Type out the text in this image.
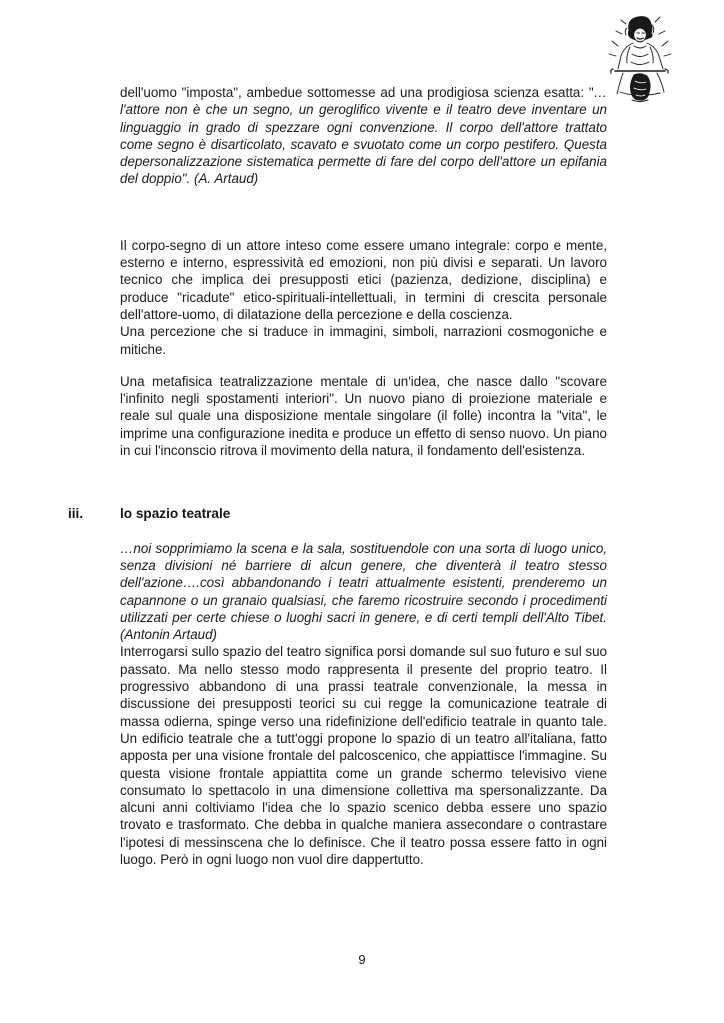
dell'uomo "imposta", ambedue sottomesse ad una prodigiosa scienza esatta: "…l'attore non è che un segno, un geroglifico vivente e il teatro deve inventare un linguaggio in grado di spezzare ogni convenzione. Il corpo dell'attore trattato come segno è disarticolato, scavato e svuotato come un corpo pestifero. Questa depersonalizzazione sistematica permette di fare del corpo dell'attore un epifania del doppio". (A. Artaud)

Il corpo-segno di un attore inteso come essere umano integrale: corpo e mente, esterno e interno, espressività ed emozioni, non più divisi e separati. Un lavoro tecnico che implica dei presupposti etici (pazienza, dedizione, disciplina) e produce "ricadute" etico-spirituali-intellettuali, in termini di crescita personale dell'attore-uomo, di dilatazione della percezione e della coscienza.

Una percezione che si traduce in immagini, simboli, narrazioni cosmogoniche e mitiche.

Una metafisica teatralizzazione mentale di un'idea, che nasce dallo "scovare l'infinito negli spostamenti interiori". Un nuovo piano di proiezione materiale e reale sul quale una disposizione mentale singolare (il folle) incontra la "vita", le imprime una configurazione inedita e produce un effetto di senso nuovo. Un piano in cui l'inconscio ritrova il movimento della natura, il fondamento dell'esistenza.

iii.	lo spazio teatrale

…noi sopprimiamo la scena e la sala, sostituendole con una sorta di luogo unico, senza divisioni né barriere di alcun genere, che diventerà il teatro stesso dell'azione….così abbandonando i teatri attualmente esistenti, prenderemo un capannone o un granaio qualsiasi, che faremo ricostruire secondo i procedimenti utilizzati per certe chiese o luoghi sacri in genere, e di certi templi dell'Alto Tibet. (Antonin Artaud)

Interrogarsi sullo spazio del teatro significa porsi domande sul suo futuro e sul suo passato. Ma nello stesso modo rappresenta il presente del proprio teatro. Il progressivo abbandono di una prassi teatrale convenzionale, la messa in discussione dei presupposti teorici su cui regge la comunicazione teatrale di massa odierna, spinge verso una ridefinizione dell'edificio teatrale in quanto tale. Un edificio teatrale che a tutt'oggi propone lo spazio di un teatro all'italiana, fatto apposta per una visione frontale del palcoscenico, che appiattisce l'immagine. Su questa visione frontale appiattita come un grande schermo televisivo viene consumato lo spettacolo in una dimensione collettiva ma spersonalizzante. Da alcuni anni coltiviamo l'idea che lo spazio scenico debba essere uno spazio trovato e trasformato. Che debba in qualche maniera assecondare o contrastare l'ipotesi di messinscena che lo definisce. Che il teatro possa essere fatto in ogni luogo. Però in ogni luogo non vuol dire dappertutto.

9
